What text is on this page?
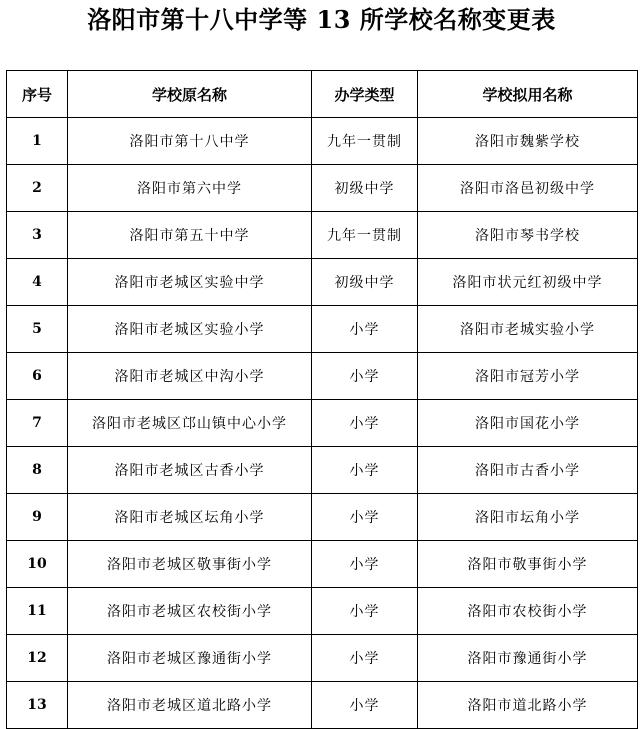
洛阳市第十八中学等 13 所学校名称变更表
序号	学校原名称	办学类型	学校拟用名称
1	洛阳市第十八中学	九年一贯制	洛阳市魏紫学校
2	洛阳市第六中学	初级中学	洛阳市洛邑初级中学
3	洛阳市第五十中学	九年一贯制	洛阳市琴书学校
4	洛阳市老城区实验中学	初级中学	洛阳市状元红初级中学
5	洛阳市老城区实验小学	小学	洛阳市老城实验小学
6	洛阳市老城区中沟小学	小学	洛阳市冠芳小学
7	洛阳市老城区邙山镇中心小学	小学	洛阳市国花小学
8	洛阳市老城区古香小学	小学	洛阳市古香小学
9	洛阳市老城区坛角小学	小学	洛阳市坛角小学
10	洛阳市老城区敬事街小学	小学	洛阳市敬事街小学
11	洛阳市老城区农校街小学	小学	洛阳市农校街小学
12	洛阳市老城区豫通街小学	小学	洛阳市豫通街小学
13	洛阳市老城区道北路小学	小学	洛阳市道北路小学
